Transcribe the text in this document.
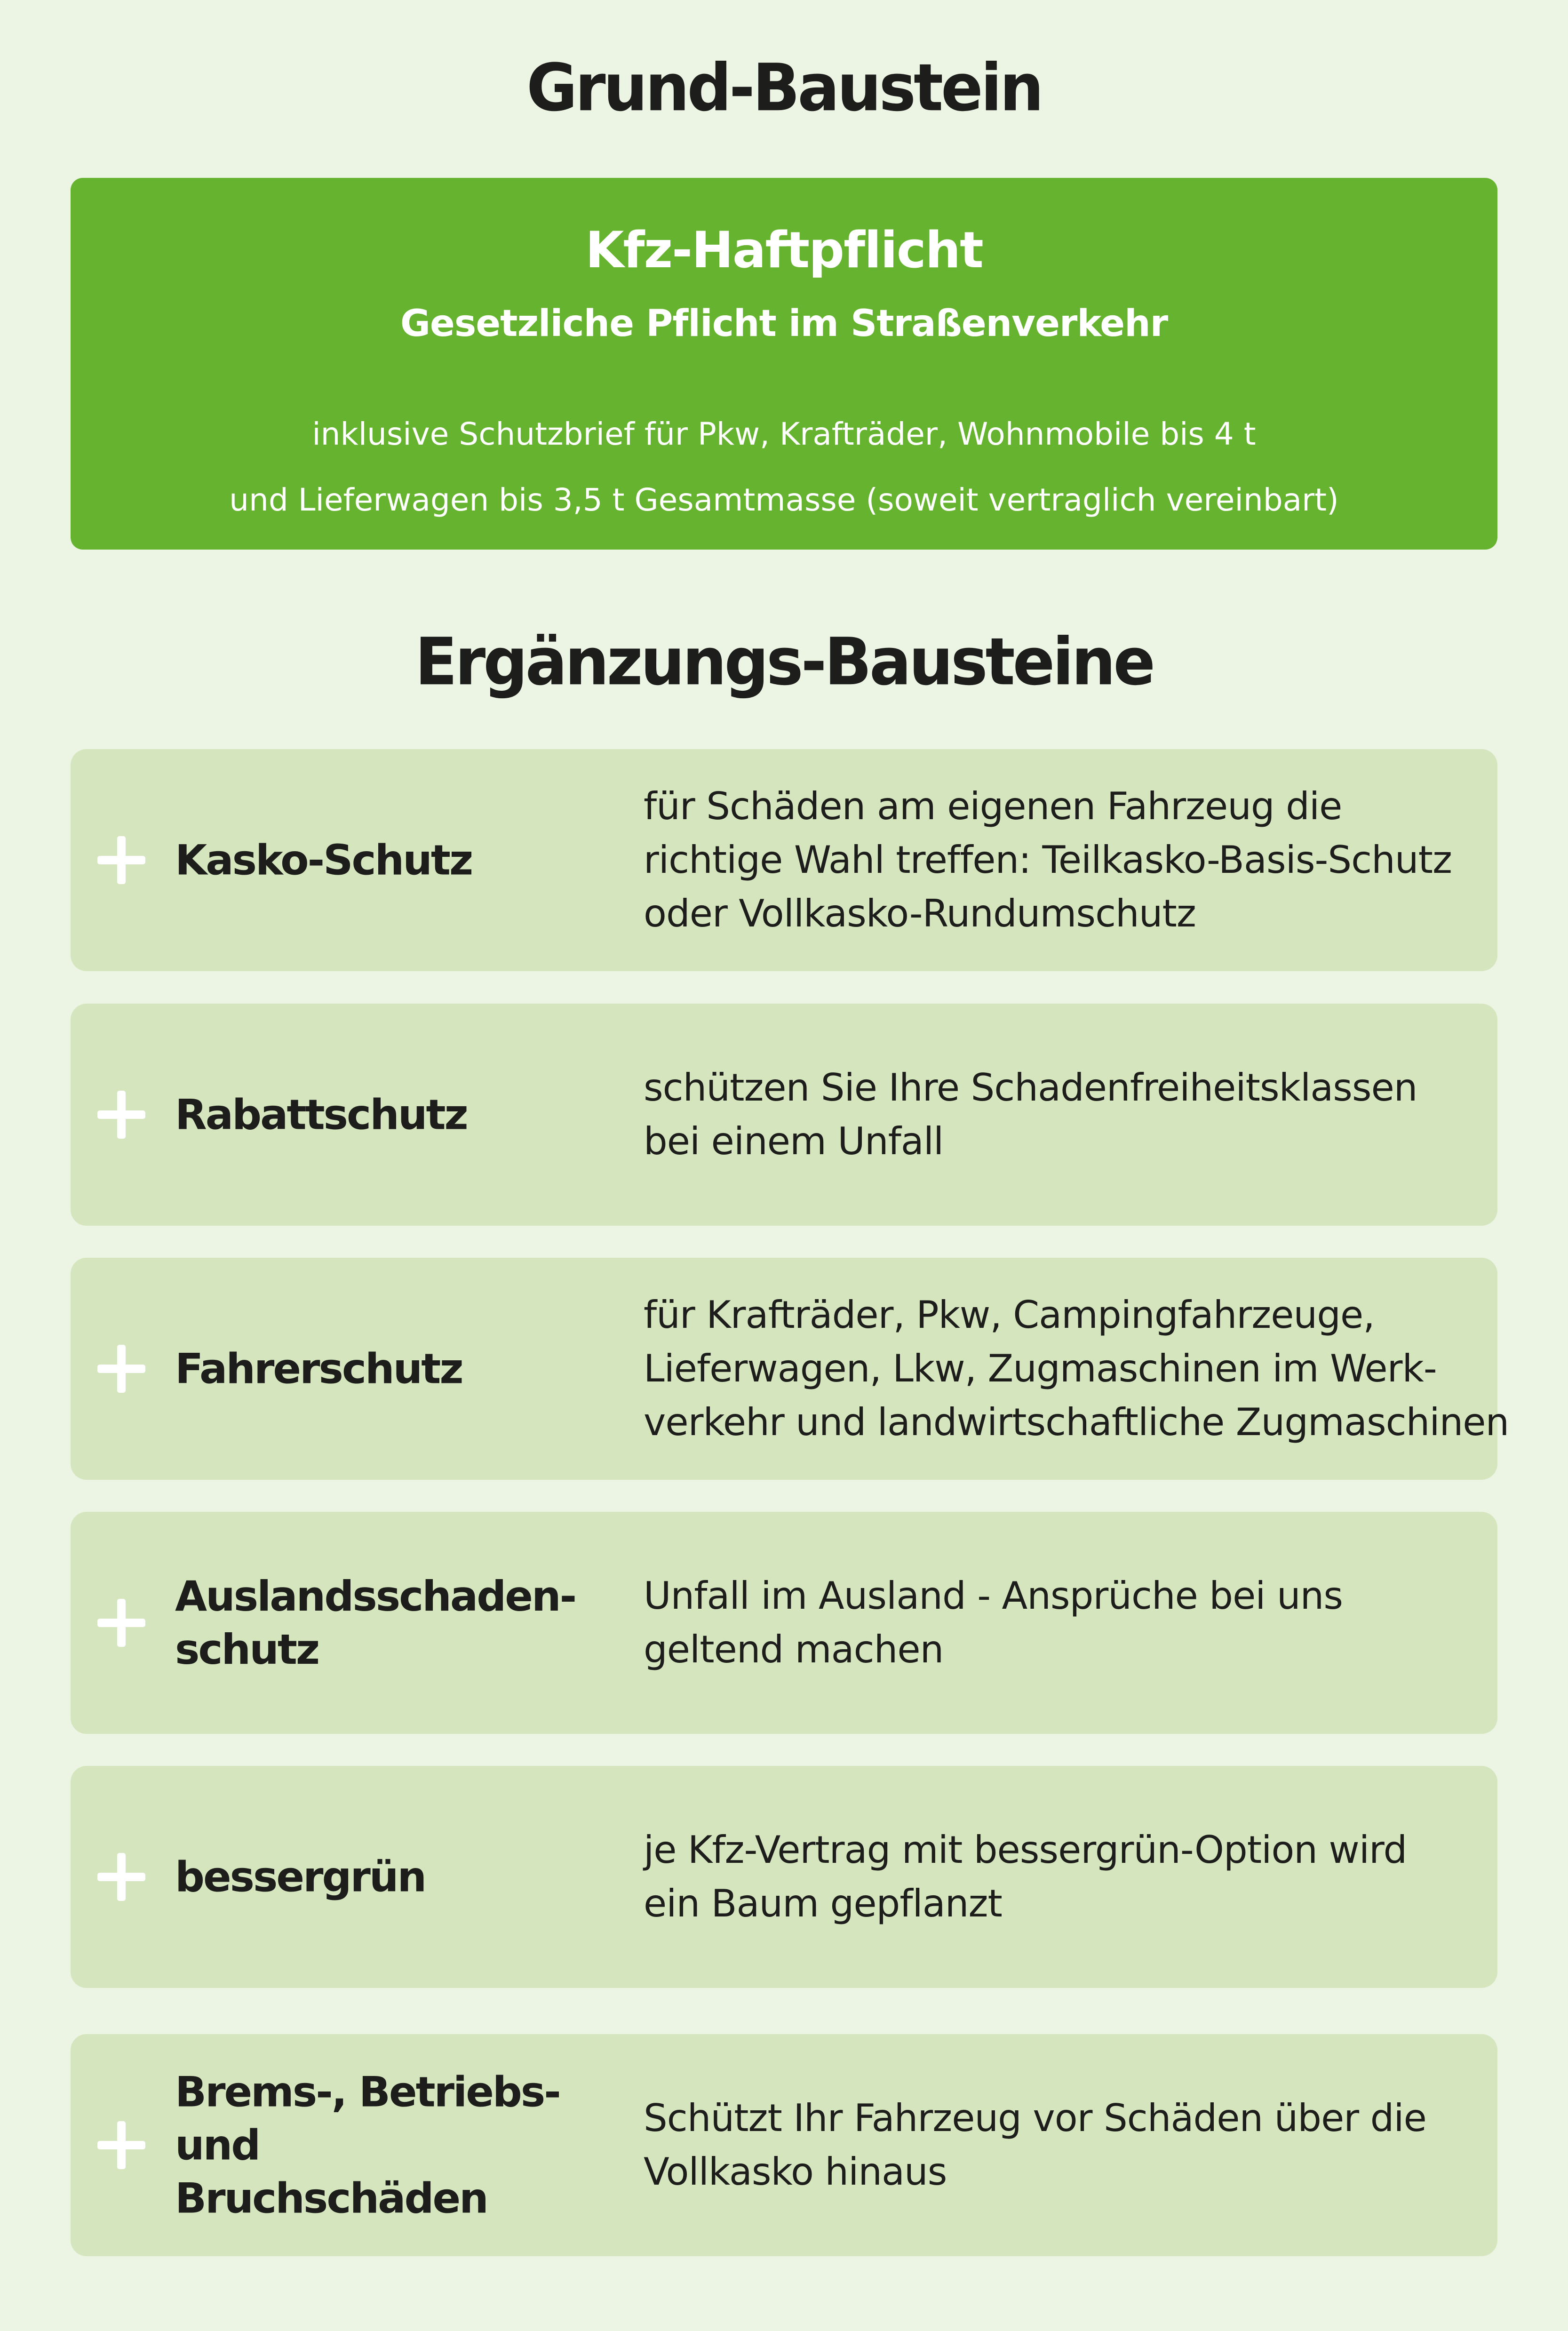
Grund-Baustein
Kfz-Haftpflicht
Gesetzliche Pflicht im Straßenverkehr
inklusive Schutzbrief für Pkw, Krafträder, Wohnmobile bis 4 t
und Lieferwagen bis 3,5 t Gesamtmasse (soweit vertraglich vereinbart)
Ergänzungs-Bausteine
Kasko-Schutz
für Schäden am eigenen Fahrzeug die
richtige Wahl treffen: Teilkasko-Basis-Schutz
oder Vollkasko-Rundumschutz
Rabattschutz
schützen Sie Ihre Schadenfreiheitsklassen
bei einem Unfall
Fahrerschutz
für Krafträder, Pkw, Campingfahrzeuge,
Lieferwagen, Lkw, Zugmaschinen im Werk-
verkehr und landwirtschaftliche Zugmaschinen
Auslandsschaden-
schutz
Unfall im Ausland - Ansprüche bei uns
geltend machen
bessergrün
je Kfz-Vertrag mit bessergrün-Option wird
ein Baum gepflanzt
Brems-, Betriebs-
und Bruchschäden
Schützt Ihr Fahrzeug vor Schäden über die
Vollkasko hinaus
